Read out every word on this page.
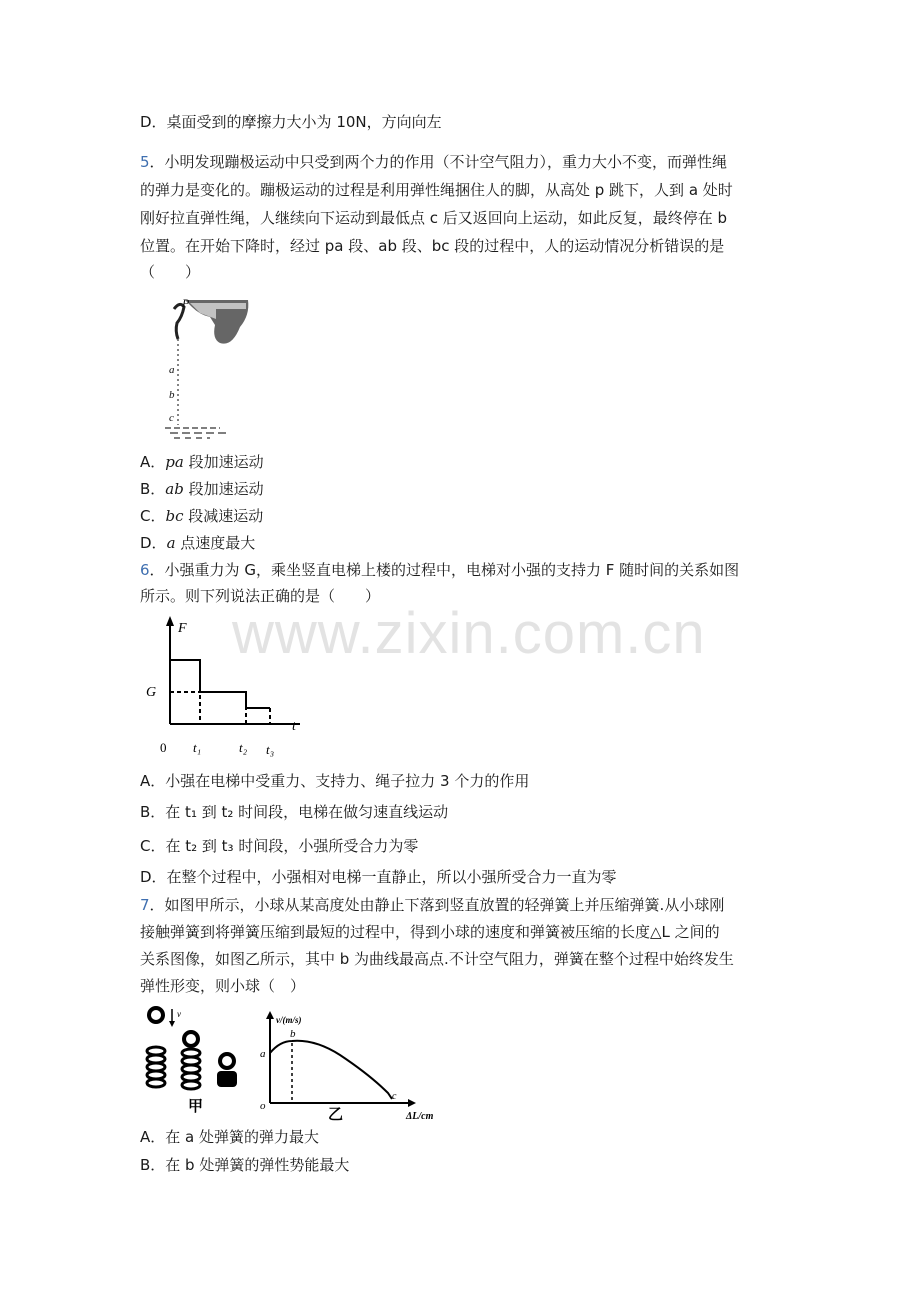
www.zixin.com.cn
D．桌面受到的摩擦力大小为 10N，方向向左
5．小明发现蹦极运动中只受到两个力的作用（不计空气阻力），重力大小不变，而弹性绳
的弹力是变化的。蹦极运动的过程是利用弹性绳捆住人的脚，从高处 p 跳下，人到 a 处时
刚好拉直弹性绳，人继续向下运动到最低点 c 后又返回向上运动，如此反复，最终停在 b
位置。在开始下降时，经过 pa 段、ab 段、bc 段的过程中，人的运动情况分析错误的是
（　　）
P
a
b
c
A．pa 段加速运动
B．ab 段加速运动
C．bc 段减速运动
D．a 点速度最大
6．小强重力为 G，乘坐竖直电梯上楼的过程中，电梯对小强的支持力 F 随时间的关系如图
所示。则下列说法正确的是（　　）
F
t
0
G
t₁	t₂ t₃
A．小强在电梯中受重力、支持力、绳子拉力 3 个力的作用
B．在 t₁ 到 t₂ 时间段，电梯在做匀速直线运动
C．在 t₂ 到 t₃ 时间段，小强所受合力为零
D．在整个过程中，小强相对电梯一直静止，所以小强所受合力一直为零
7．如图甲所示，小球从某高度处由静止下落到竖直放置的轻弹簧上并压缩弹簧.从小球刚
接触弹簧到将弹簧压缩到最短的过程中，得到小球的速度和弹簧被压缩的长度△L 之间的
关系图像，如图乙所示，其中 b 为曲线最高点.不计空气阻力，弹簧在整个过程中始终发生
弹性形变，则小球（　）
v
甲
v/(m/s)
ΔL/cm
a
b
c
o	乙
A．在 a 处弹簧的弹力最大
B．在 b 处弹簧的弹性势能最大
